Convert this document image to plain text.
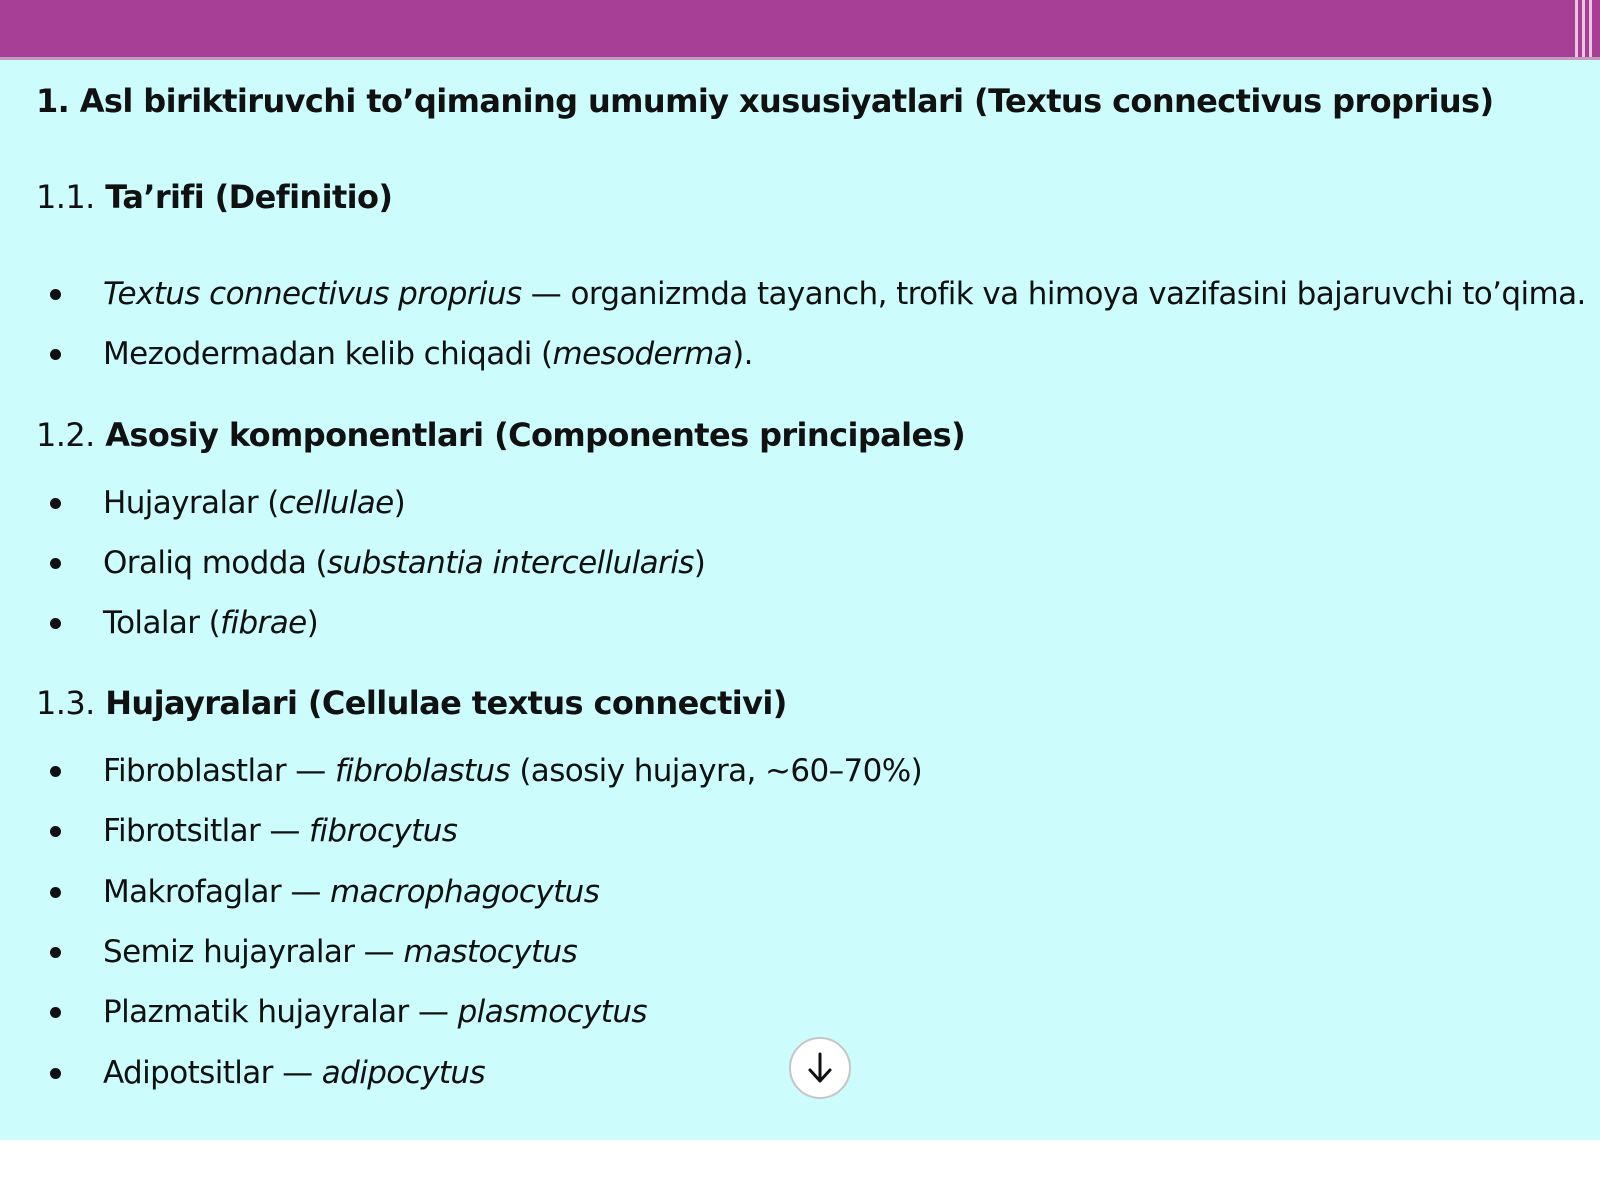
1. Asl biriktiruvchi to’qimaning umumiy xususiyatlari (Textus connectivus proprius)
1.1. Ta’rifi (Definitio)
Textus connectivus proprius — organizmda tayanch, trofik va himoya vazifasini bajaruvchi to’qima.
Mezodermadan kelib chiqadi (mesoderma).
1.2. Asosiy komponentlari (Componentes principales)
Hujayralar (cellulae)
Oraliq modda (substantia intercellularis)
Tolalar (fibrae)
1.3. Hujayralari (Cellulae textus connectivi)
Fibroblastlar — fibroblastus (asosiy hujayra, ~60–70%)
Fibrotsitlar — fibrocytus
Makrofaglar — macrophagocytus
Semiz hujayralar — mastocytus
Plazmatik hujayralar — plasmocytus
Adipotsitlar — adipocytus
